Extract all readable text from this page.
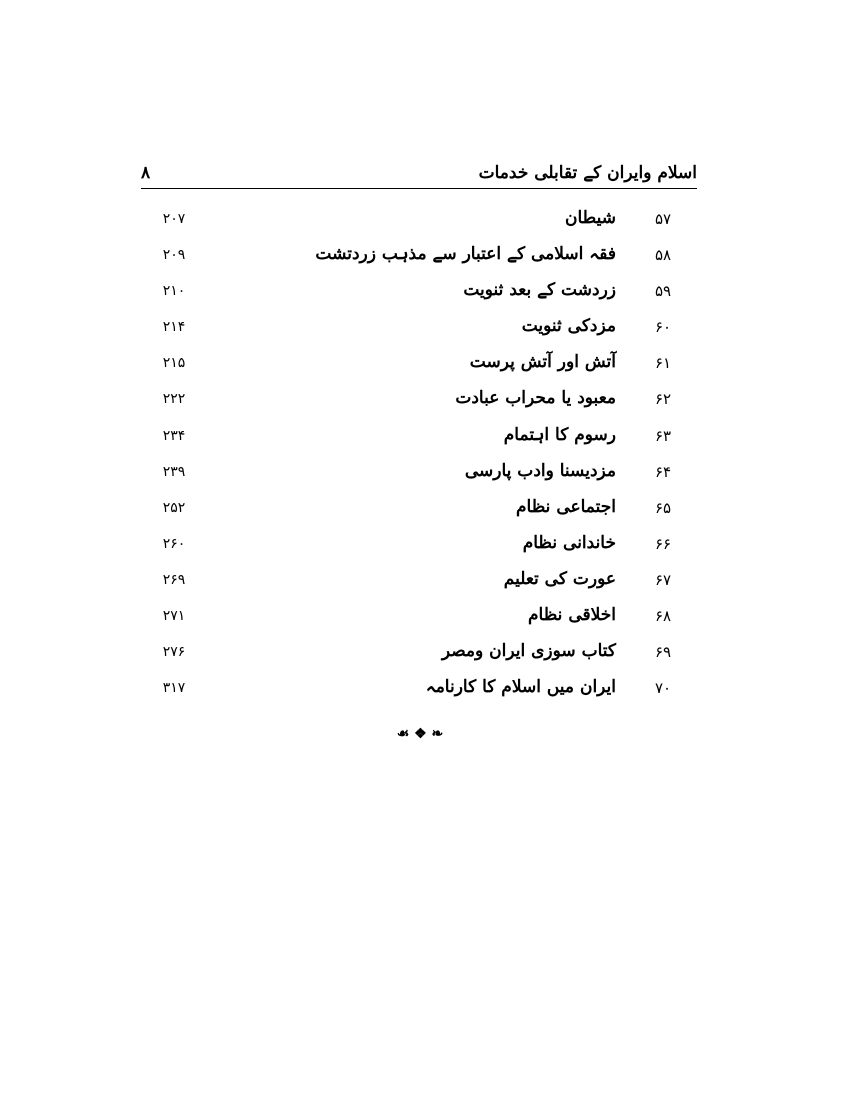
اسلام وایران کے تقابلی خدمات
۸
۵۷
شیطان
۲۰۷
۵۸
فقہ اسلامی کے اعتبار سے مذہب زردتشت
۲۰۹
۵۹
زردشت کے بعد ثنویت
۲۱۰
۶۰
مزدکی ثنویت
۲۱۴
۶۱
آتش اور آتش پرست
۲۱۵
۶۲
معبود یا محراب عبادت
۲۲۲
۶۳
رسوم کا اہتمام
۲۳۴
۶۴
مزدیسنا وادب پارسی
۲۳۹
۶۵
اجتماعی نظام
۲۵۲
۶۶
خاندانی نظام
۲۶۰
۶۷
عورت کی تعلیم
۲۶۹
۶۸
اخلاقی نظام
۲۷۱
۶۹
کتاب سوزی ایران ومصر
۲۷۶
۷۰
ایران میں اسلام کا کارنامہ
۳۱۷
☙ ❖ ❧
